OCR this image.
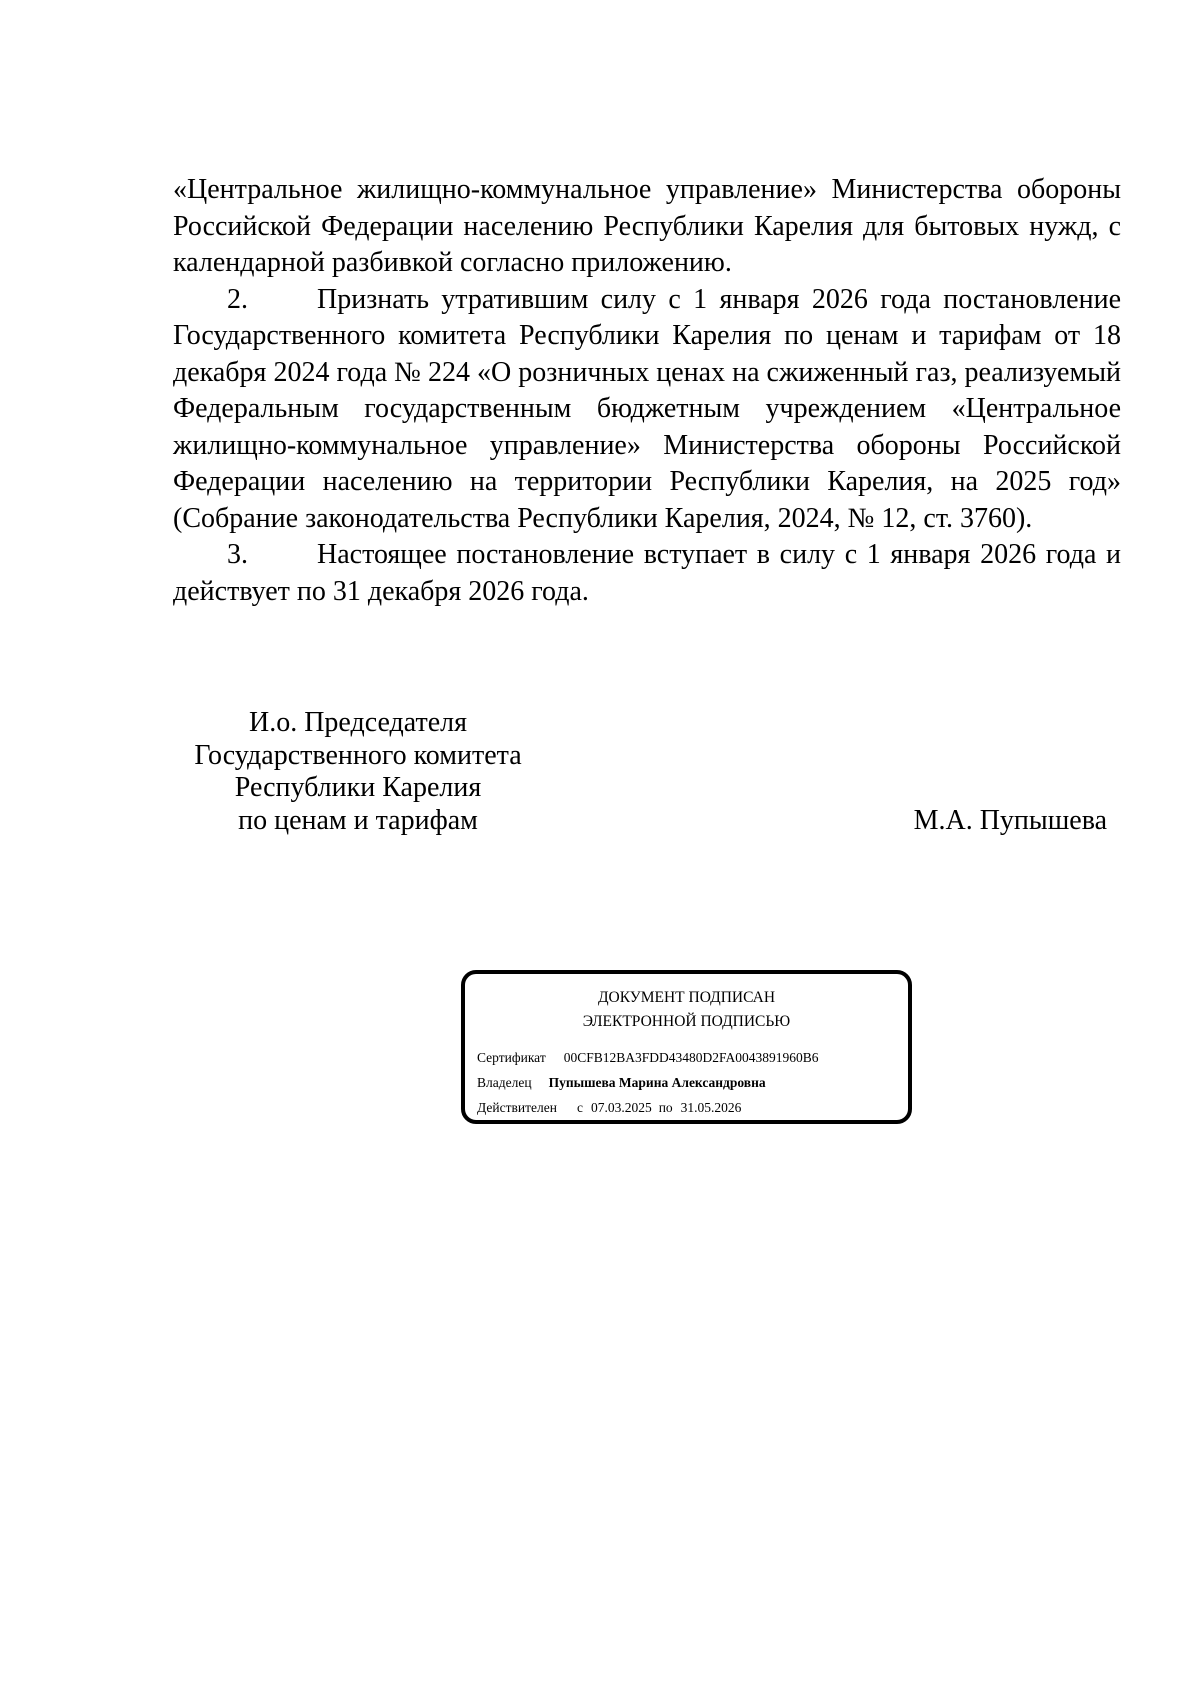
«Центральное жилищно-коммунальное управление» Министерства обороны Российской Федерации населению Республики Карелия для бытовых нужд, с календарной разбивкой согласно приложению.

2. Признать утратившим силу с 1 января 2026 года постановление Государственного комитета Республики Карелия по ценам и тарифам от 18 декабря 2024 года № 224 «О розничных ценах на сжиженный газ, реализуемый Федеральным государственным бюджетным учреждением «Центральное жилищно-коммунальное управление» Министерства обороны Российской Федерации населению на территории Республики Карелия, на 2025 год» (Собрание законодательства Республики Карелия, 2024, № 12, ст. 3760).

3. Настоящее постановление вступает в силу с 1 января 2026 года и действует по 31 декабря 2026 года.

И.о. Председателя
Государственного комитета
Республики Карелия
по ценам и тарифам	М.А. Пупышева
ДОКУМЕНТ ПОДПИСАН
ЭЛЕКТРОННОЙ ПОДПИСЬЮ
Сертификат 00CFB12BA3FDD43480D2FA0043891960B6
Владелец Пупышева Марина Александровна
Действителен с 07.03.2025 по 31.05.2026
